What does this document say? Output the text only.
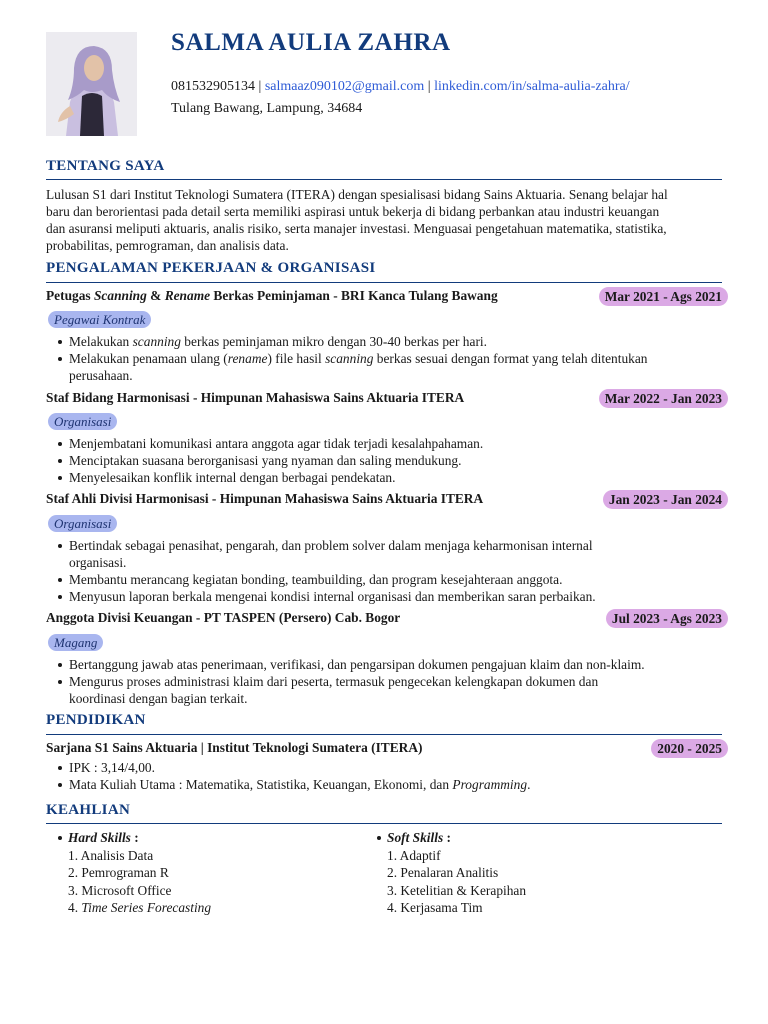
SALMA AULIA ZAHRA
081532905134 | salmaaz090102@gmail.com | linkedin.com/in/salma-aulia-zahra/
Tulang Bawang, Lampung, 34684
TENTANG SAYA
Lulusan S1 dari Institut Teknologi Sumatera (ITERA) dengan spesialisasi bidang Sains Aktuaria. Senang belajar hal
baru dan berorientasi pada detail serta memiliki aspirasi untuk bekerja di bidang perbankan atau industri keuangan
dan asuransi meliputi aktuaris, analis risiko, serta manajer investasi. Menguasai pengetahuan matematika, statistika,
probabilitas, pemrograman, dan analisis data.
PENGALAMAN PEKERJAAN & ORGANISASI
Petugas Scanning & Rename Berkas Peminjaman - BRI Kanca Tulang Bawang	Mar 2021 - Ags 2021
Pegawai Kontrak
Melakukan scanning berkas peminjaman mikro dengan 30-40 berkas per hari.
Melakukan penamaan ulang (rename) file hasil scanning berkas sesuai dengan format yang telah ditentukan
perusahaan.
Staf Bidang Harmonisasi - Himpunan Mahasiswa Sains Aktuaria ITERA	Mar 2022 - Jan 2023
Organisasi
Menjembatani komunikasi antara anggota agar tidak terjadi kesalahpahaman.
Menciptakan suasana berorganisasi yang nyaman dan saling mendukung.
Menyelesaikan konflik internal dengan berbagai pendekatan.
Staf Ahli Divisi Harmonisasi - Himpunan Mahasiswa Sains Aktuaria ITERA	Jan 2023 - Jan 2024
Organisasi
Bertindak sebagai penasihat, pengarah, dan problem solver dalam menjaga keharmonisan internal
organisasi.
Membantu merancang kegiatan bonding, teambuilding, dan program kesejahteraan anggota.
Menyusun laporan berkala mengenai kondisi internal organisasi dan memberikan saran perbaikan.
Anggota Divisi Keuangan - PT TASPEN (Persero) Cab. Bogor	Jul 2023 - Ags 2023
Magang
Bertanggung jawab atas penerimaan, verifikasi, dan pengarsipan dokumen pengajuan klaim dan non-klaim.
Mengurus proses administrasi klaim dari peserta, termasuk pengecekan kelengkapan dokumen dan
koordinasi dengan bagian terkait.
PENDIDIKAN
Sarjana S1 Sains Aktuaria | Institut Teknologi Sumatera (ITERA)	2020 - 2025
IPK : 3,14/4,00.
Mata Kuliah Utama : Matematika, Statistika, Keuangan, Ekonomi, dan Programming.
KEAHLIAN
Hard Skills :
1. Analisis Data
2. Pemrograman R
3. Microsoft Office
4. Time Series Forecasting
Soft Skills :
1. Adaptif
2. Penalaran Analitis
3. Ketelitian & Kerapihan
4. Kerjasama Tim
